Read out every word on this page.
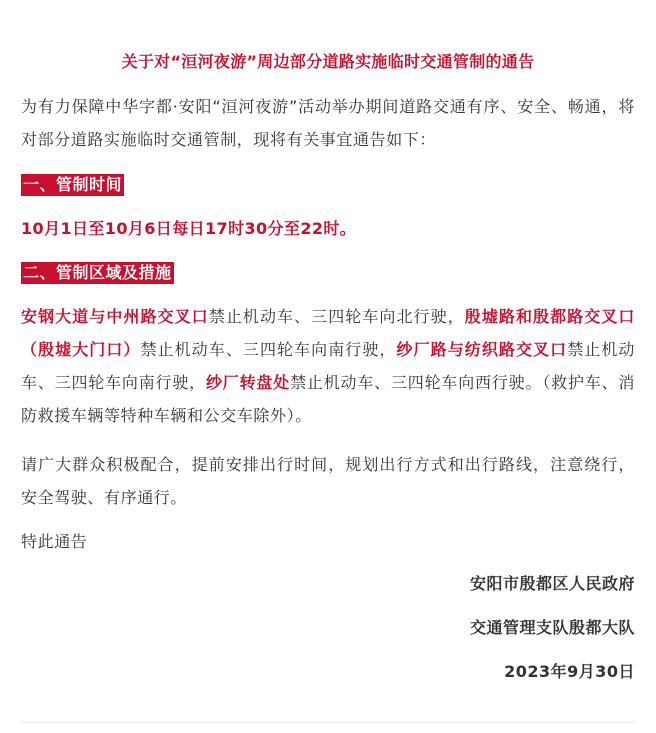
关于对“洹河夜游”周边部分道路实施临时交通管制的通告
为有力保障中华字都·安阳“洹河夜游”活动举办期间道路交通有序、安全、畅通，将对部分道路实施临时交通管制，现将有关事宜通告如下：
一、管制时间
10月1日至10月6日每日17时30分至22时。
二、管制区域及措施
安钢大道与中州路交叉口禁止机动车、三四轮车向北行驶，殷墟路和殷都路交叉口（殷墟大门口）禁止机动车、三四轮车向南行驶，纱厂路与纺织路交叉口禁止机动车、三四轮车向南行驶，纱厂转盘处禁止机动车、三四轮车向西行驶。（救护车、消防救援车辆等特种车辆和公交车除外）。
请广大群众积极配合，提前安排出行时间，规划出行方式和出行路线，注意绕行，安全驾驶、有序通行。
特此通告
安阳市殷都区人民政府
交通管理支队殷都大队
2023年9月30日
